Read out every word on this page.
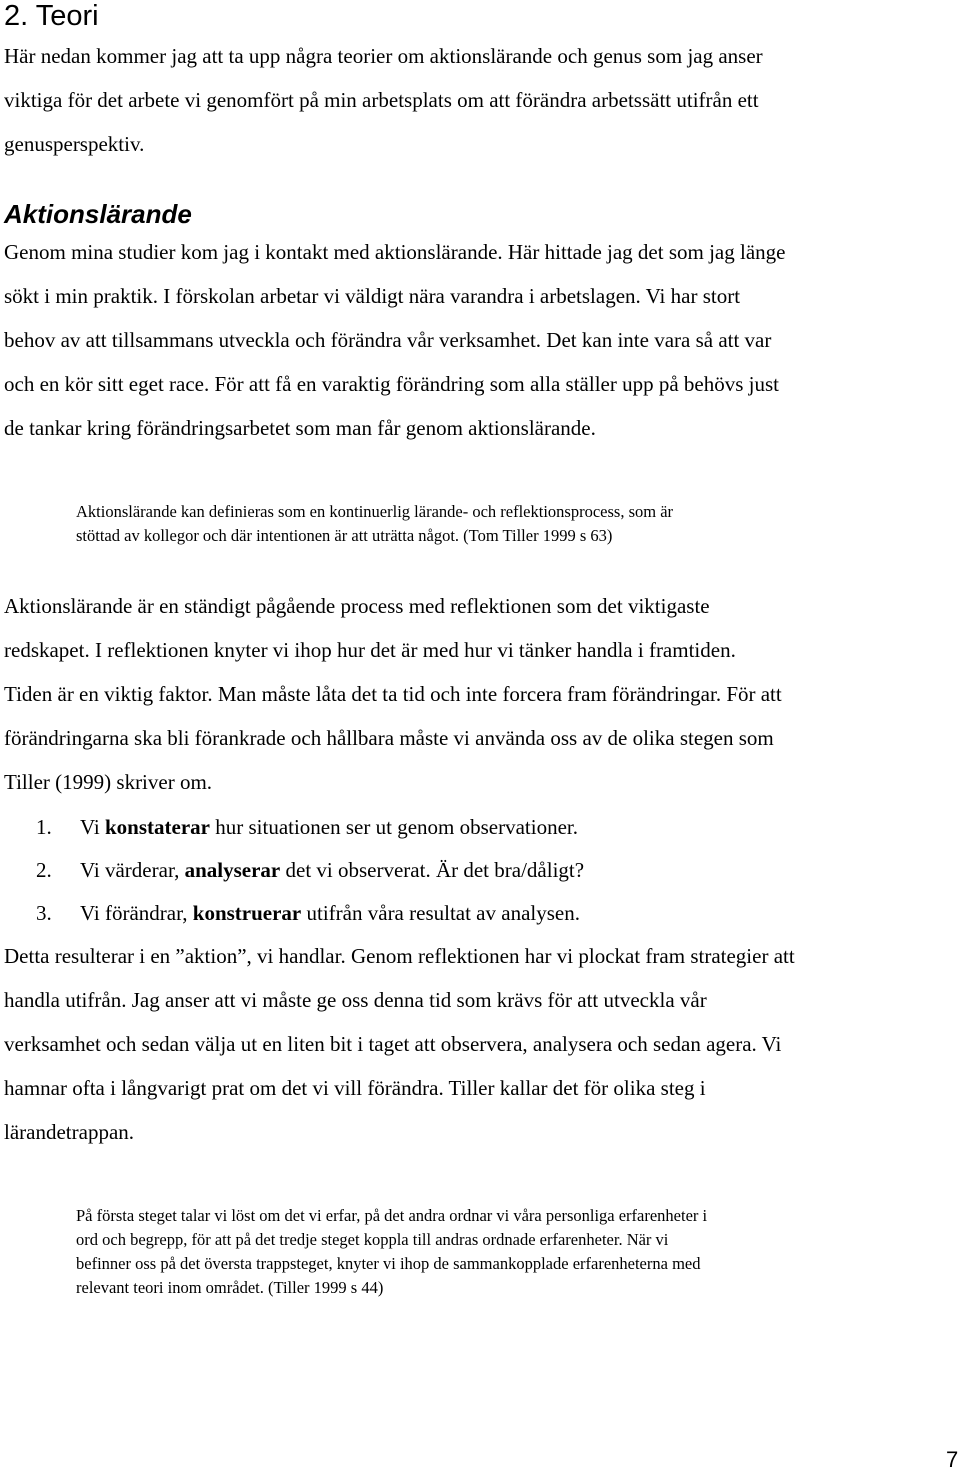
2. Teori

Här nedan kommer jag att ta upp några teorier om aktionslärande och genus som jag anser
viktiga för det arbete vi genomfört på min arbetsplats om att förändra arbetssätt utifrån ett
genusperspektiv.

Aktionslärande

Genom mina studier kom jag i kontakt med aktionslärande. Här hittade jag det som jag länge
sökt i min praktik. I förskolan arbetar vi väldigt nära varandra i arbetslagen. Vi har stort
behov av att tillsammans utveckla och förändra vår verksamhet. Det kan inte vara så att var
och en kör sitt eget race. För att få en varaktig förändring som alla ställer upp på behövs just
de tankar kring förändringsarbetet som man får genom aktionslärande.

Aktionslärande kan definieras som en kontinuerlig lärande- och reflektionsprocess, som är
stöttad av kollegor och där intentionen är att uträtta något. (Tom Tiller 1999 s 63)

Aktionslärande är en ständigt pågående process med reflektionen som det viktigaste
redskapet. I reflektionen knyter vi ihop hur det är med hur vi tänker handla i framtiden.
Tiden är en viktig faktor. Man måste låta det ta tid och inte forcera fram förändringar. För att
förändringarna ska bli förankrade och hållbara måste vi använda oss av de olika stegen som
Tiller (1999) skriver om.

1. Vi konstaterar hur situationen ser ut genom observationer.
2. Vi värderar, analyserar det vi observerat. Är det bra/dåligt?
3. Vi förändrar, konstruerar utifrån våra resultat av analysen.

Detta resulterar i en ”aktion”, vi handlar. Genom reflektionen har vi plockat fram strategier att
handla utifrån. Jag anser att vi måste ge oss denna tid som krävs för att utveckla vår
verksamhet och sedan välja ut en liten bit i taget att observera, analysera och sedan agera. Vi
hamnar ofta i långvarigt prat om det vi vill förändra. Tiller kallar det för olika steg i
lärandetrappan.

På första steget talar vi löst om det vi erfar, på det andra ordnar vi våra personliga erfarenheter i
ord och begrepp, för att på det tredje steget koppla till andras ordnade erfarenheter. När vi
befinner oss på det översta trappsteget, knyter vi ihop de sammankopplade erfarenheterna med
relevant teori inom området. (Tiller 1999 s 44)
7
